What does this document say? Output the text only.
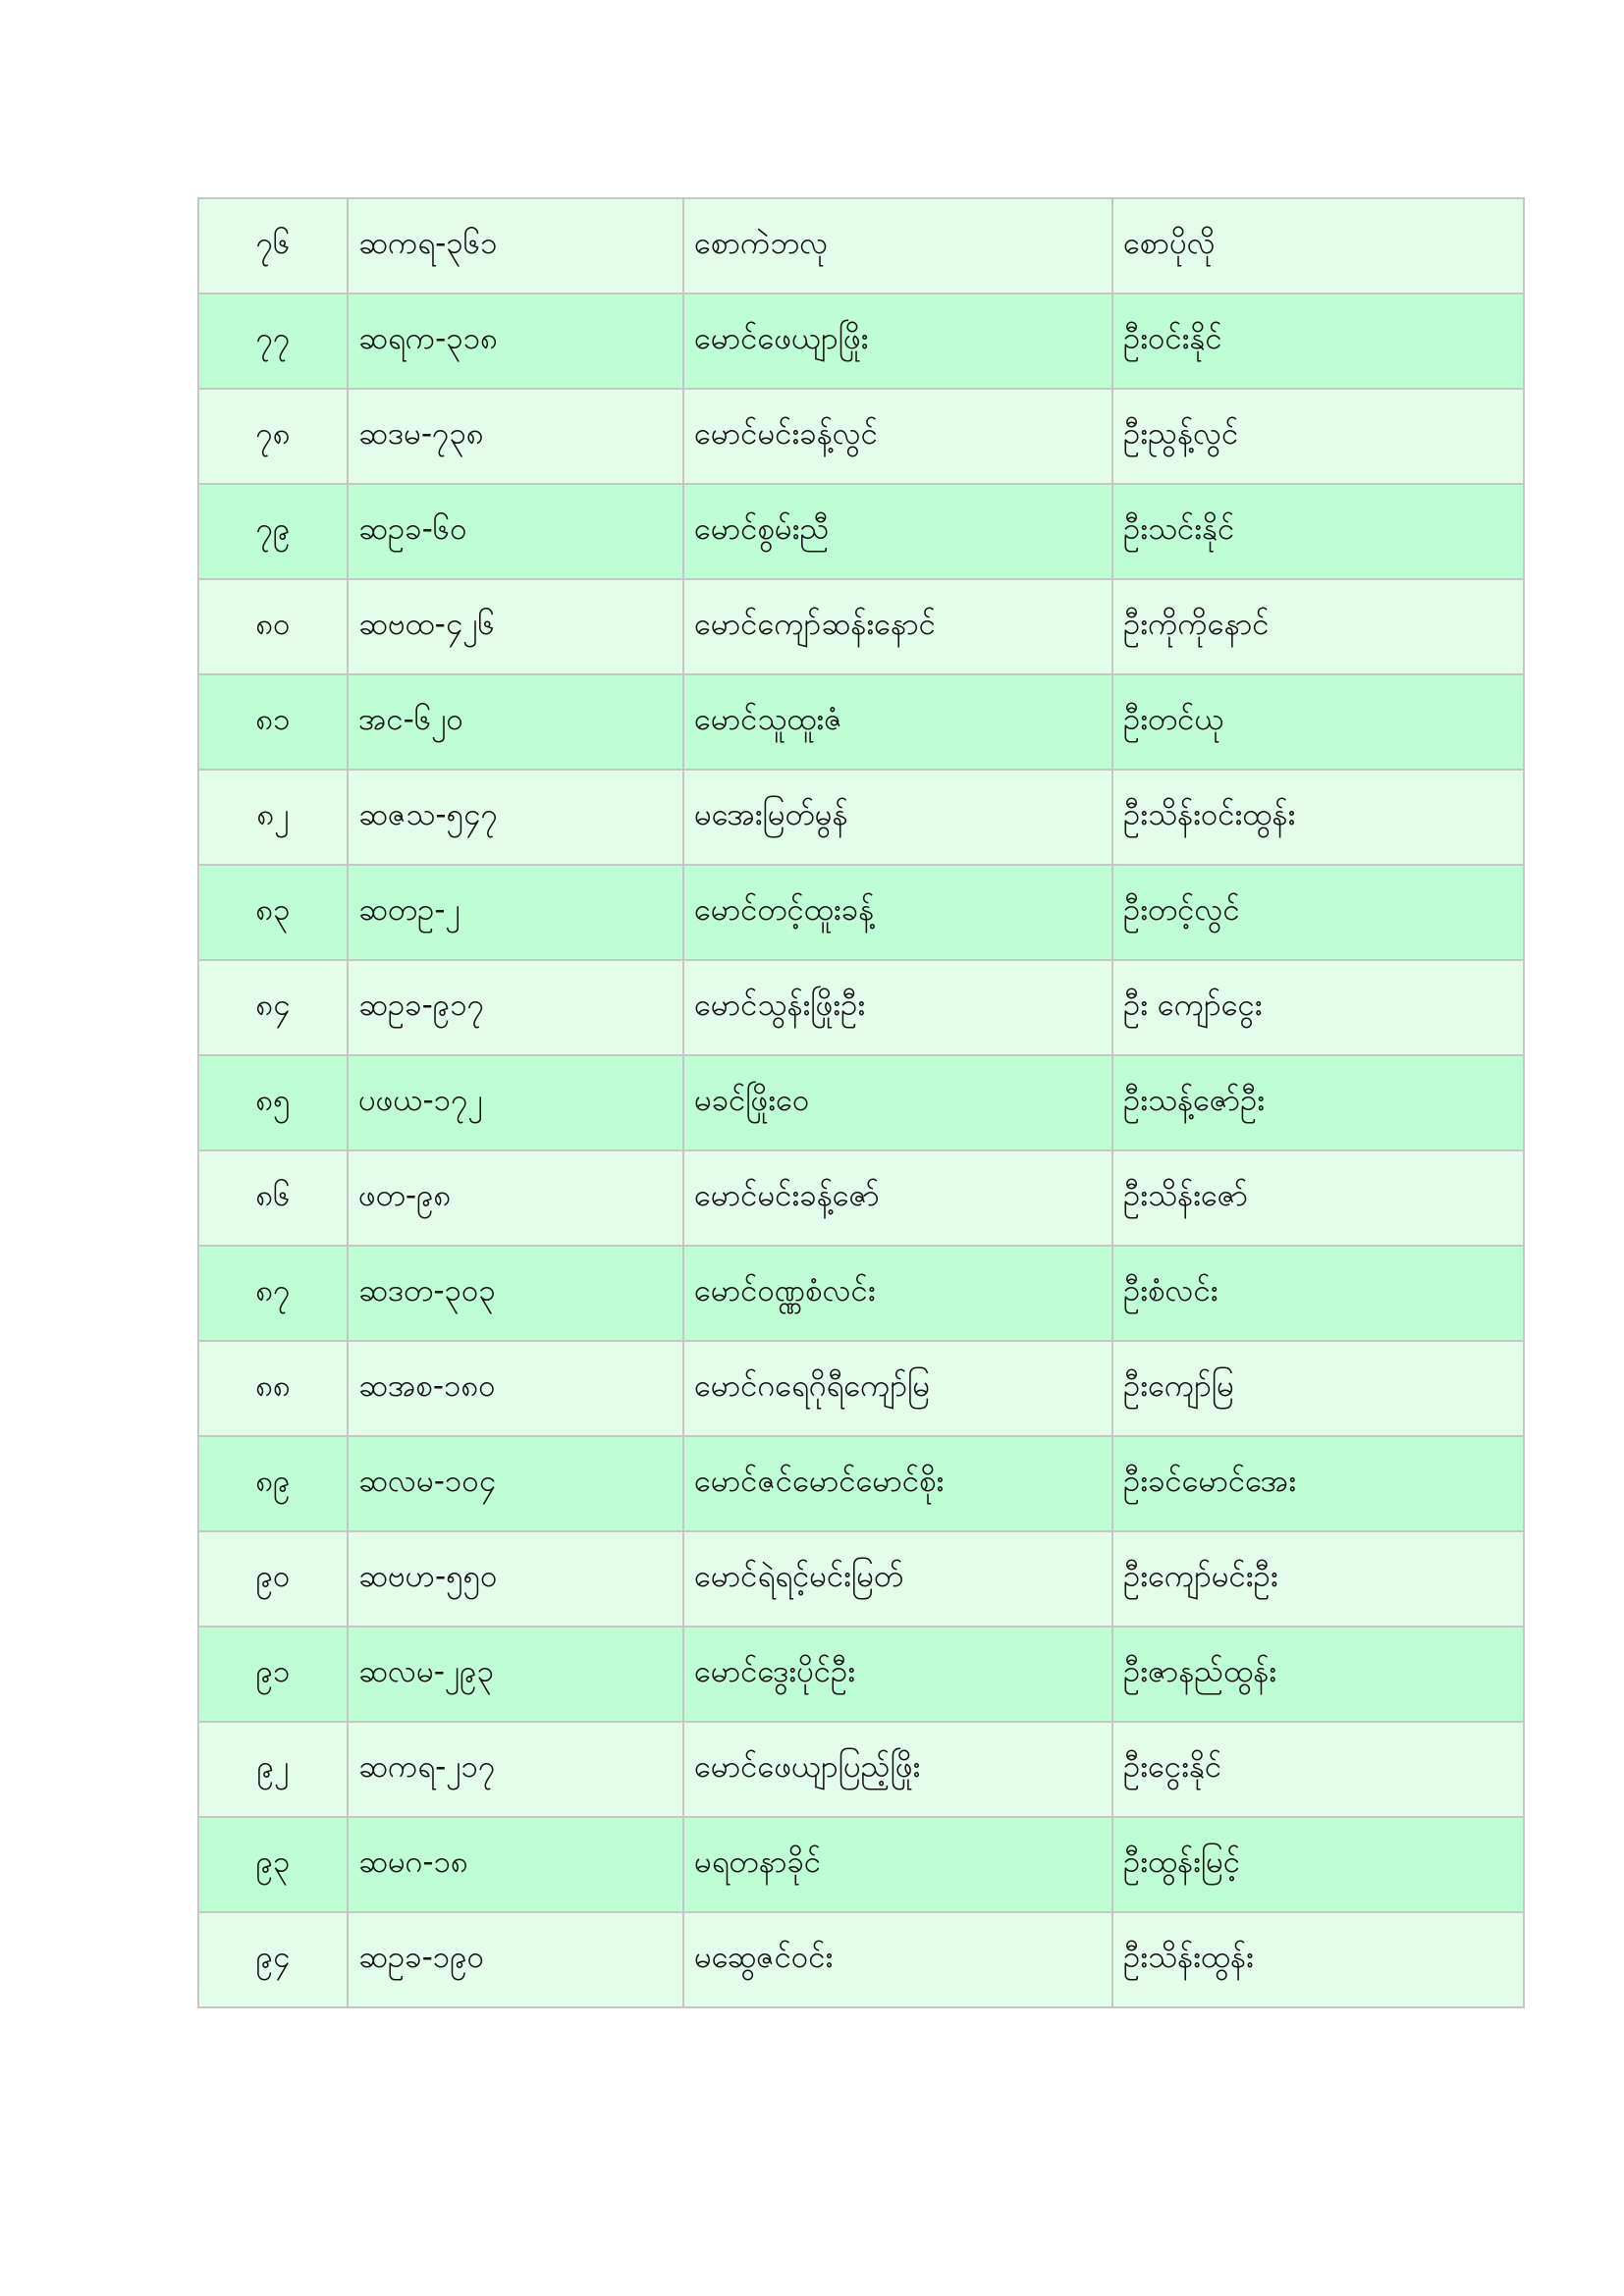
၇၆	ဆကရ-၃၆၁	စောကဲဘလု	စောပိုလို
၇၇	ဆရက-၃၁၈	မောင်ဖေယျာဖြိုး	ဦးဝင်းနိုင်
၇၈	ဆဒမ-၇၃၈	မောင်မင်းခန့်လွင်	ဦးညွန့်လွင်
၇၉	ဆဥခ-၆၀	မောင်စွမ်းညီ	ဦးသင်းနိုင်
၈၀	ဆဗထ-၄၂၆	မောင်ကျော်ဆန်းနောင်	ဦးကိုကိုနောင်
၈၁	အင-၆၂၀	မောင်သူထူးဇံ	ဦးတင်ယု
၈၂	ဆဇသ-၅၄၇	မအေးမြတ်မွန်	ဦးသိန်းဝင်းထွန်း
၈၃	ဆတဥ-၂	မောင်တင့်ထူးခန့်	ဦးတင့်လွင်
၈၄	ဆဥခ-၉၁၇	မောင်သွန်းဖြိုးဦး	ဦး ကျော်ငွေး
၈၅	ပဖယ-၁၇၂	မခင်ဖြိုးဝေ	ဦးသန့်ဇော်ဦး
၈၆	ဖတ-၉၈	မောင်မင်းခန့်ဇော်	ဦးသိန်းဇော်
၈၇	ဆဒတ-၃၀၃	မောင်ဝဏ္ဏစံလင်း	ဦးစံလင်း
၈၈	ဆအစ-၁၈၀	မောင်ဂရေဂိုရီကျော်မြ	ဦးကျော်မြ
၈၉	ဆလမ-၁၀၄	မောင်ဇင်မောင်မောင်စိုး	ဦးခင်မောင်အေး
၉၀	ဆဗဟ-၅၅၀	မောင်ရဲရင့်မင်းမြတ်	ဦးကျော်မင်းဦး
၉၁	ဆလမ-၂၉၃	မောင်ဒွေးပိုင်ဦး	ဦးဇာနည်ထွန်း
၉၂	ဆကရ-၂၁၇	မောင်ဖေယျာပြည့်ဖြိုး	ဦးငွေးနိုင်
၉၃	ဆမဂ-၁၈	မရတနာခိုင်	ဦးထွန်းမြင့်
၉၄	ဆဥခ-၁၉၀	မဆွေဇင်ဝင်း	ဦးသိန်းထွန်း
